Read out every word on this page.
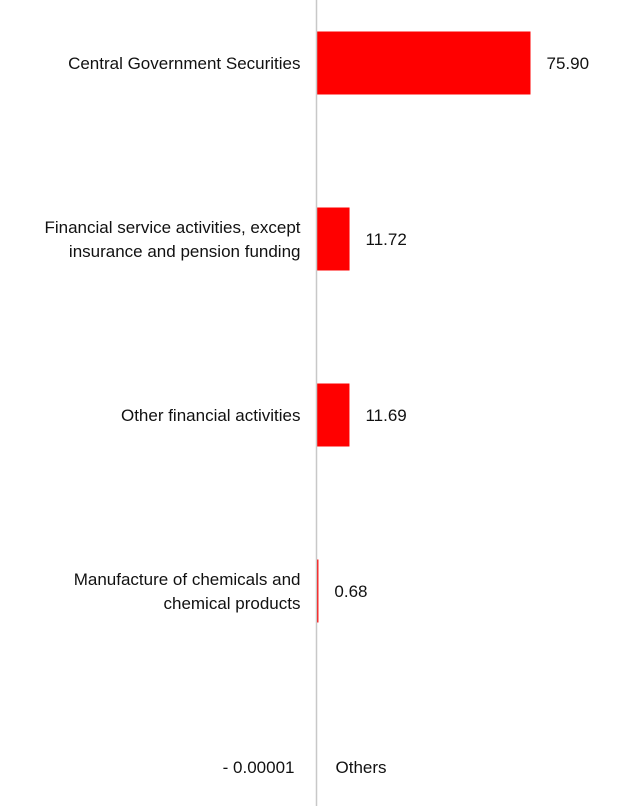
Central Government Securities
Financial service activities, except insurance and pension funding
Other financial activities
Manufacture of chemicals and chemical products
Others
75.90
11.72
11.69
0.68
- 0.00001
